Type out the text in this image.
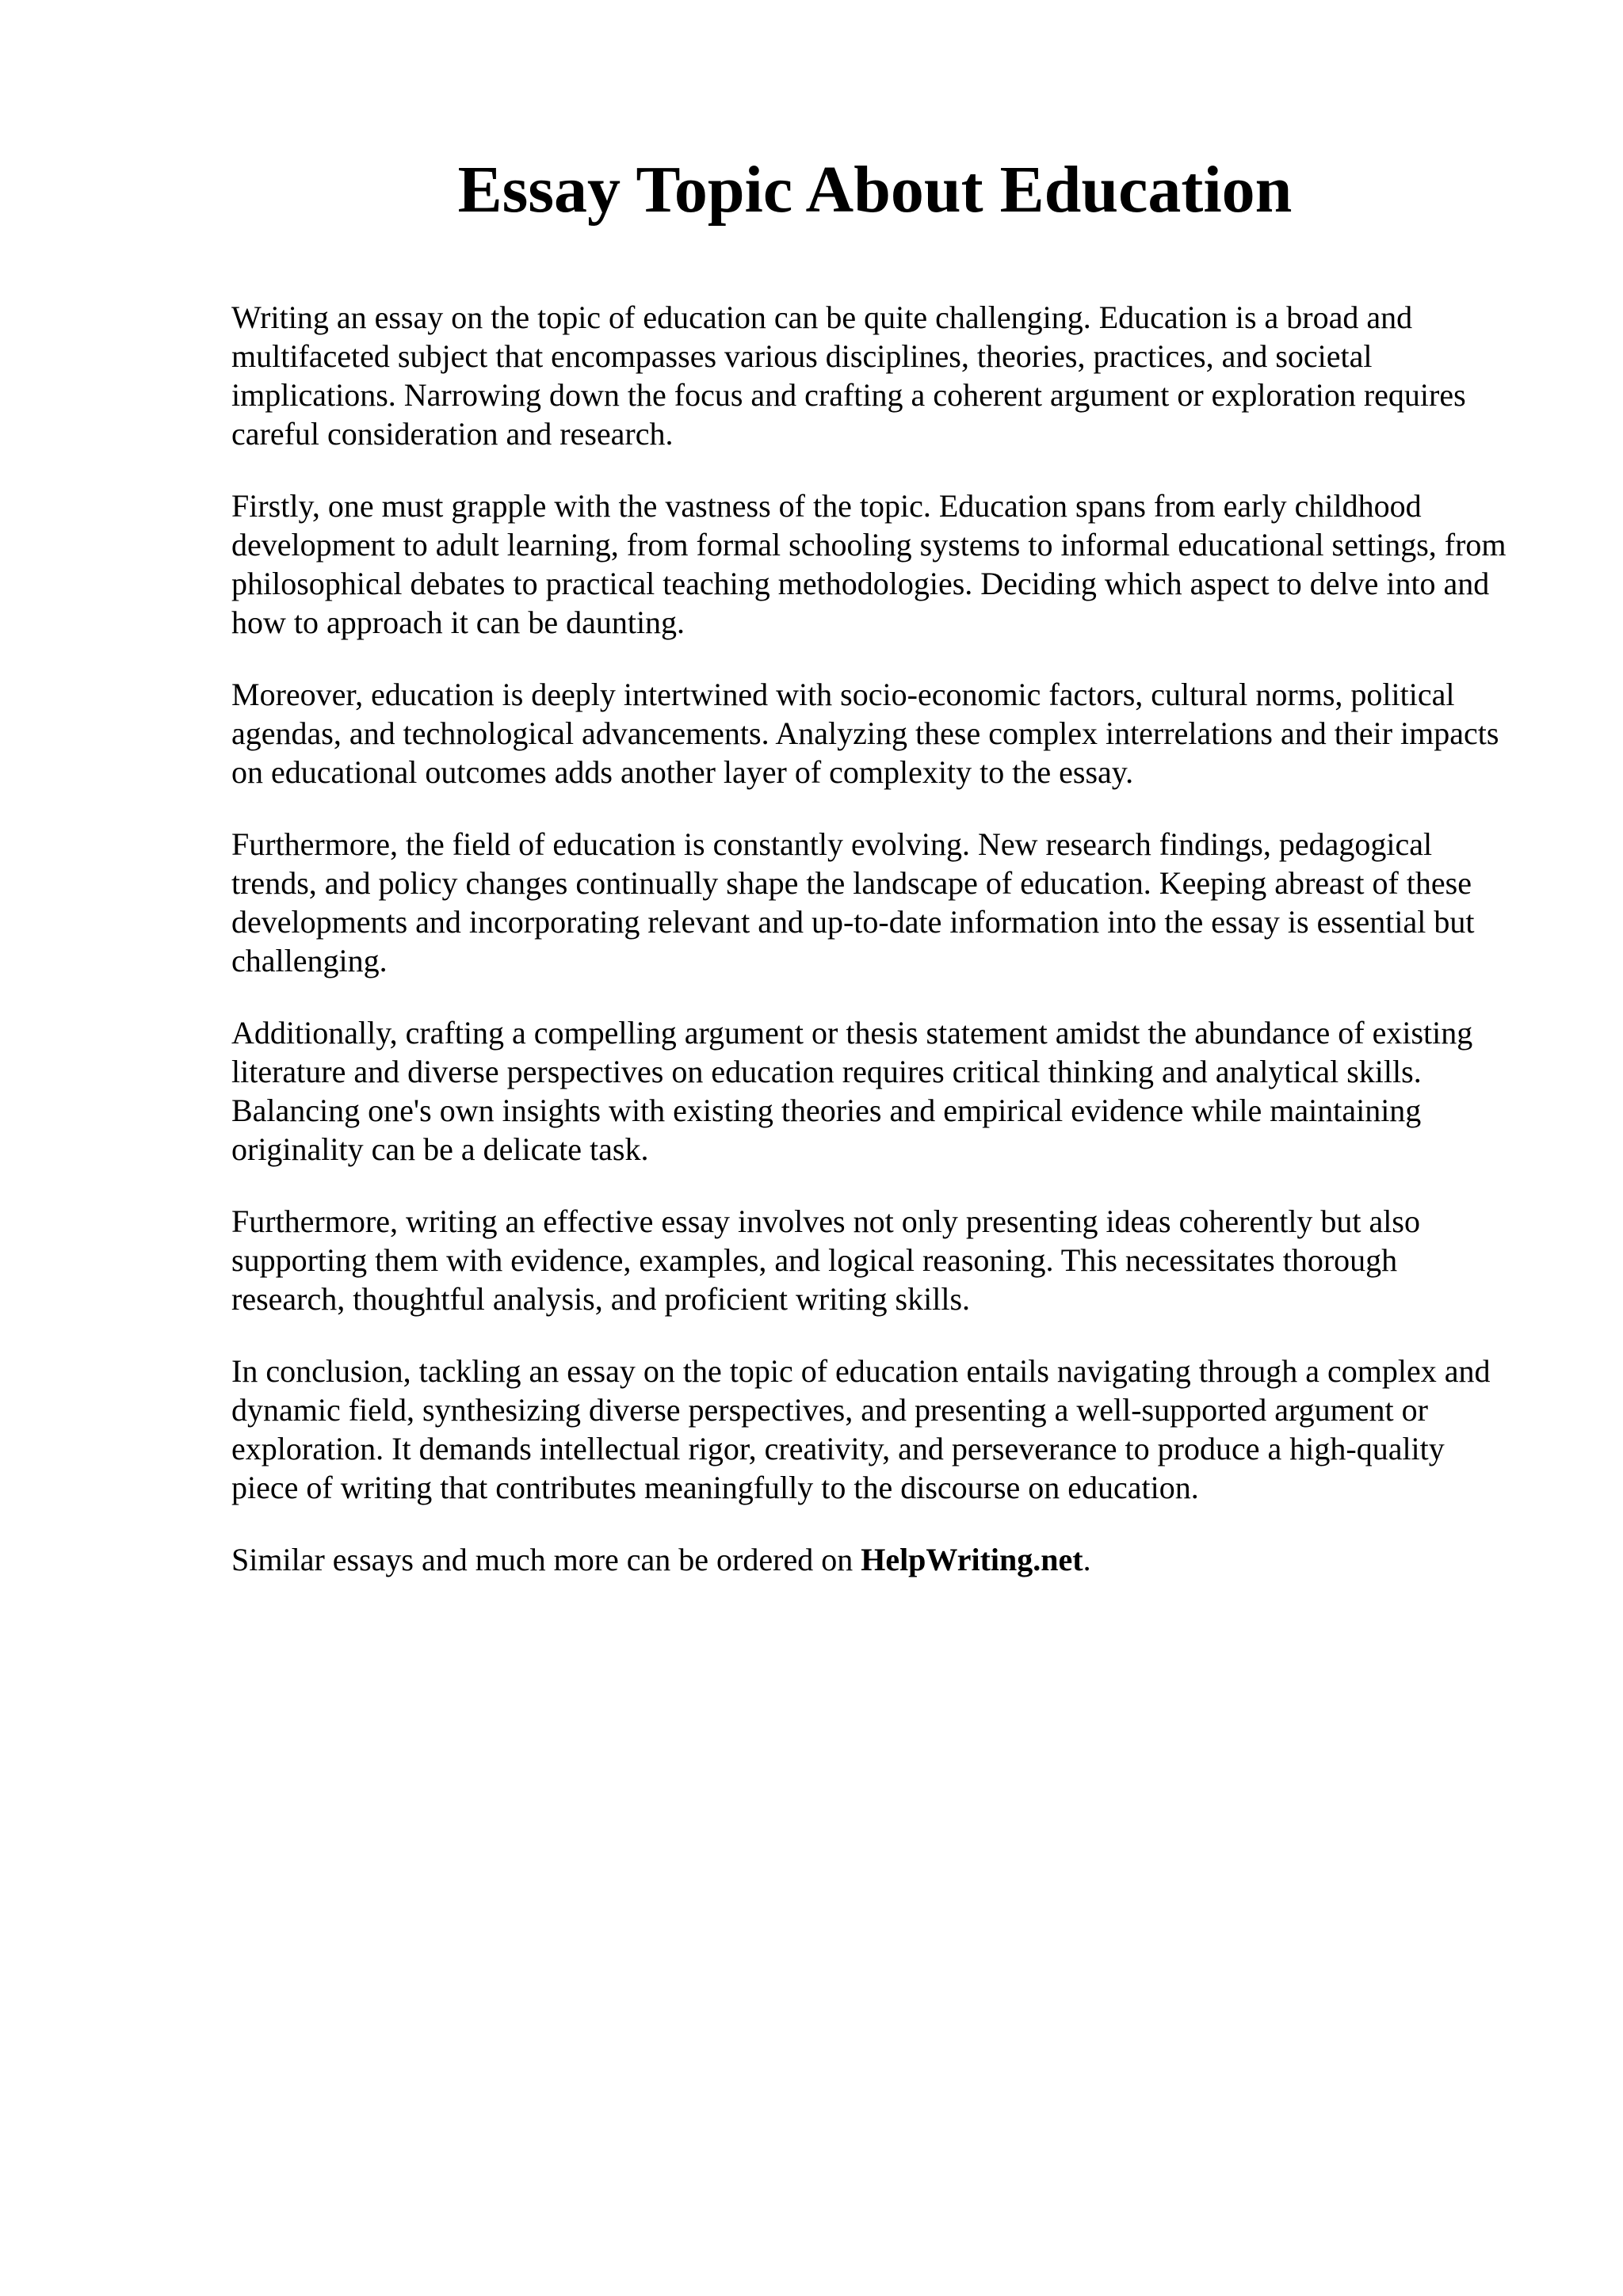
Essay Topic About Education

Writing an essay on the topic of education can be quite challenging. Education is a broad and multifaceted subject that encompasses various disciplines, theories, practices, and societal implications. Narrowing down the focus and crafting a coherent argument or exploration requires careful consideration and research.

Firstly, one must grapple with the vastness of the topic. Education spans from early childhood development to adult learning, from formal schooling systems to informal educational settings, from philosophical debates to practical teaching methodologies. Deciding which aspect to delve into and how to approach it can be daunting.

Moreover, education is deeply intertwined with socio-economic factors, cultural norms, political agendas, and technological advancements. Analyzing these complex interrelations and their impacts on educational outcomes adds another layer of complexity to the essay.

Furthermore, the field of education is constantly evolving. New research findings, pedagogical trends, and policy changes continually shape the landscape of education. Keeping abreast of these developments and incorporating relevant and up-to-date information into the essay is essential but challenging.

Additionally, crafting a compelling argument or thesis statement amidst the abundance of existing literature and diverse perspectives on education requires critical thinking and analytical skills. Balancing one's own insights with existing theories and empirical evidence while maintaining originality can be a delicate task.

Furthermore, writing an effective essay involves not only presenting ideas coherently but also supporting them with evidence, examples, and logical reasoning. This necessitates thorough research, thoughtful analysis, and proficient writing skills.

In conclusion, tackling an essay on the topic of education entails navigating through a complex and dynamic field, synthesizing diverse perspectives, and presenting a well-supported argument or exploration. It demands intellectual rigor, creativity, and perseverance to produce a high-quality piece of writing that contributes meaningfully to the discourse on education.

Similar essays and much more can be ordered on HelpWriting.net.
